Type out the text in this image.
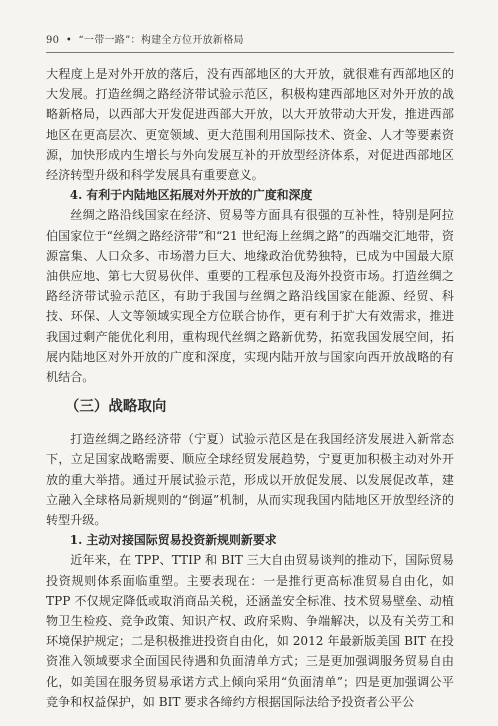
90 • “一带一路”：构建全方位开放新格局

大程度上是对外开放的落后，没有西部地区的大开放，就很难有西部地区的大发展。打造丝绸之路经济带试验示范区，积极构建西部地区对外开放的战略新格局，以西部大开发促进西部大开放，以大开放带动大开发，推进西部地区在更高层次、更宽领域、更大范围利用国际技术、资金、人才等要素资源，加快形成内生增长与外向发展互补的开放型经济体系，对促进西部地区经济转型升级和科学发展具有重要意义。

4. 有利于内陆地区拓展对外开放的广度和深度

丝绸之路沿线国家在经济、贸易等方面具有很强的互补性，特别是阿拉伯国家位于“丝绸之路经济带”和“21 世纪海上丝绸之路”的西端交汇地带，资源富集、人口众多、市场潜力巨大、地缘政治优势独特，已成为中国最大原油供应地、第七大贸易伙伴、重要的工程承包及海外投资市场。打造丝绸之路经济带试验示范区，有助于我国与丝绸之路沿线国家在能源、经贸、科技、环保、人文等领域实现全方位联合协作，更有利于扩大有效需求，推进我国过剩产能优化利用，重构现代丝绸之路新优势，拓宽我国发展空间，拓展内陆地区对外开放的广度和深度，实现内陆开放与国家向西开放战略的有机结合。

（三）战略取向

打造丝绸之路经济带（宁夏）试验示范区是在我国经济发展进入新常态下，立足国家战略需要、顺应全球经贸发展趋势，宁夏更加积极主动对外开放的重大举措。通过开展试验示范，形成以开放促发展、以发展促改革，建立融入全球格局新规则的“倒逼”机制，从而实现我国内陆地区开放型经济的转型升级。

1. 主动对接国际贸易投资新规则新要求

近年来，在 TPP、TTIP 和 BIT 三大自由贸易谈判的推动下，国际贸易投资规则体系面临重塑。主要表现在：一是推行更高标准贸易自由化，如 TPP 不仅规定降低或取消商品关税，还涵盖安全标准、技术贸易壁垒、动植物卫生检疫、竞争政策、知识产权、政府采购、争端解决，以及有关劳工和环境保护规定；二是积极推进投资自由化，如 2012 年最新版美国 BIT 在投资准入领域要求全面国民待遇和负面清单方式；三是更加强调服务贸易自由化，如美国在服务贸易承诺方式上倾向采用“负面清单”；四是更加强调公平竞争和权益保护，如 BIT 要求各缔约方根据国际法给予投资者公平公
